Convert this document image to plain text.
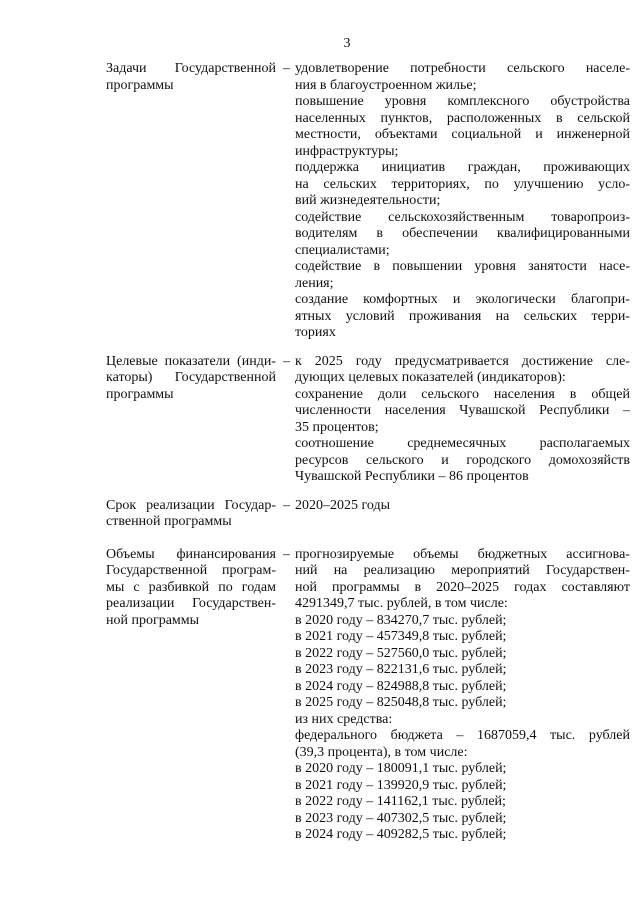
3
Задачи Государственной
программы
– удовлетворение потребности сельского населе-
ния в благоустроенном жилье;
повышение уровня комплексного обустройства
населенных пунктов, расположенных в сельской
местности, объектами социальной и инженерной
инфраструктуры;
поддержка инициатив граждан, проживающих
на сельских территориях, по улучшению усло-
вий жизнедеятельности;
содействие сельскохозяйственным товаропроиз-
водителям в обеспечении квалифицированными
специалистами;
содействие в повышении уровня занятости насе-
ления;
создание комфортных и экологически благопри-
ятных условий проживания на сельских терри-
ториях
Целевые показатели (инди-
каторы) Государственной
программы
– к 2025 году предусматривается достижение сле-
дующих целевых показателей (индикаторов):
сохранение доли сельского населения в общей
численности населения Чувашской Республики –
35 процентов;
соотношение среднемесячных располагаемых
ресурсов сельского и городского домохозяйств
Чувашской Республики – 86 процентов
Срок реализации Государ-
ственной программы
– 2020–2025 годы
Объемы финансирования
Государственной програм-
мы с разбивкой по годам
реализации Государствен-
ной программы
– прогнозируемые объемы бюджетных ассигнова-
ний на реализацию мероприятий Государствен-
ной программы в 2020–2025 годах составляют
4291349,7 тыс. рублей, в том числе:
в 2020 году – 834270,7 тыс. рублей;
в 2021 году – 457349,8 тыс. рублей;
в 2022 году – 527560,0 тыс. рублей;
в 2023 году – 822131,6 тыс. рублей;
в 2024 году – 824988,8 тыс. рублей;
в 2025 году – 825048,8 тыс. рублей;
из них средства:
федерального бюджета – 1687059,4 тыс. рублей
(39,3 процента), в том числе:
в 2020 году – 180091,1 тыс. рублей;
в 2021 году – 139920,9 тыс. рублей;
в 2022 году – 141162,1 тыс. рублей;
в 2023 году – 407302,5 тыс. рублей;
в 2024 году – 409282,5 тыс. рублей;
